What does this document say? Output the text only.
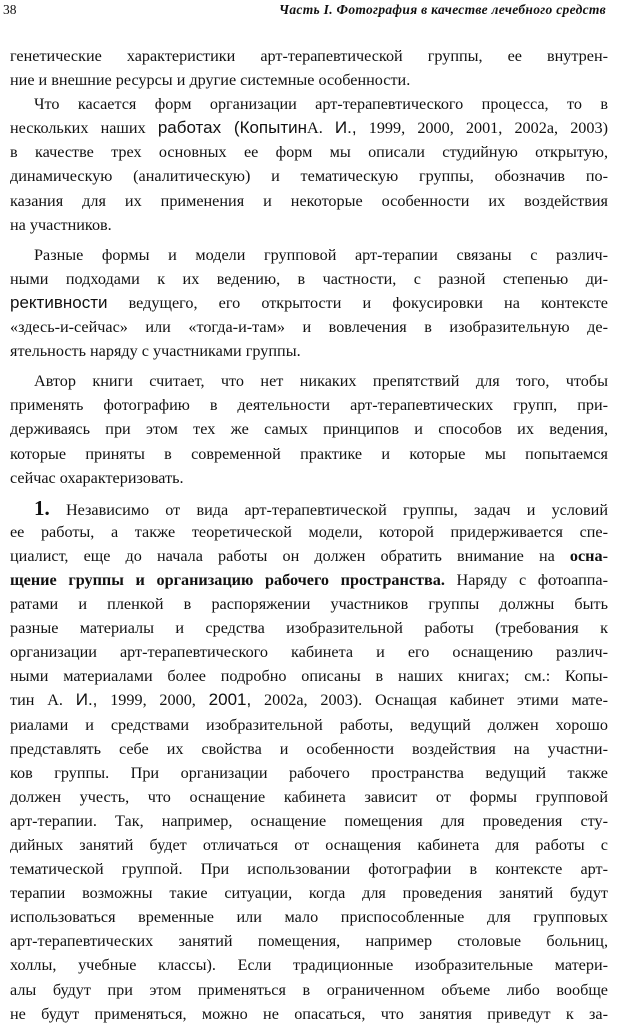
38	Часть I. Фотография в качестве лечебного средств
генетические характеристики арт-терапевтической группы, ее внутрен-
ние и внешние ресурсы и другие системные особенности.
Что касается форм организации арт-терапевтического процесса, то в
нескольких наших работах (КопытинА. И., 1999, 2000, 2001, 2002а, 2003)
в качестве трех основных ее форм мы описали студийную открытую,
динамическую (аналитическую) и тематическую группы, обозначив по-
казания для их применения и некоторые особенности их воздействия
на участников.
Разные формы и модели групповой арт-терапии связаны с различ-
ными подходами к их ведению, в частности, с разной степенью ди-
рективности ведущего, его открытости и фокусировки на контексте
«здесь-и-сейчас» или «тогда-и-там» и вовлечения в изобразительную де-
ятельность наряду с участниками группы.
Автор книги считает, что нет никаких препятствий для того, чтобы
применять фотографию в деятельности арт-терапевтических групп, при-
держиваясь при этом тех же самых принципов и способов их ведения,
которые приняты в современной практике и которые мы попытаемся
сейчас охарактеризовать.
1. Независимо от вида арт-терапевтической группы, задач и условий
ее работы, а также теоретической модели, которой придерживается спе-
циалист, еще до начала работы он должен обратить внимание на осна-
щение группы и организацию рабочего пространства. Наряду с фотоаппа-
ратами и пленкой в распоряжении участников группы должны быть
разные материалы и средства изобразительной работы (требования к
организации арт-терапевтического кабинета и его оснащению различ-
ными материалами более подробно описаны в наших книгах; см.: Копы-
тин А. И., 1999, 2000, 2001, 2002а, 2003). Оснащая кабинет этими мате-
риалами и средствами изобразительной работы, ведущий должен хорошо
представлять себе их свойства и особенности воздействия на участни-
ков группы. При организации рабочего пространства ведущий также
должен учесть, что оснащение кабинета зависит от формы групповой
арт-терапии. Так, например, оснащение помещения для проведения сту-
дийных занятий будет отличаться от оснащения кабинета для работы с
тематической группой. При использовании фотографии в контексте арт-
терапии возможны такие ситуации, когда для проведения занятий будут
использоваться временные или мало приспособленные для групповых
арт-терапевтических занятий помещения, например столовые больниц,
холлы, учебные классы). Если традиционные изобразительные матери-
алы будут при этом применяться в ограниченном объеме либо вообще
не будут применяться, можно не опасаться, что занятия приведут к за-
